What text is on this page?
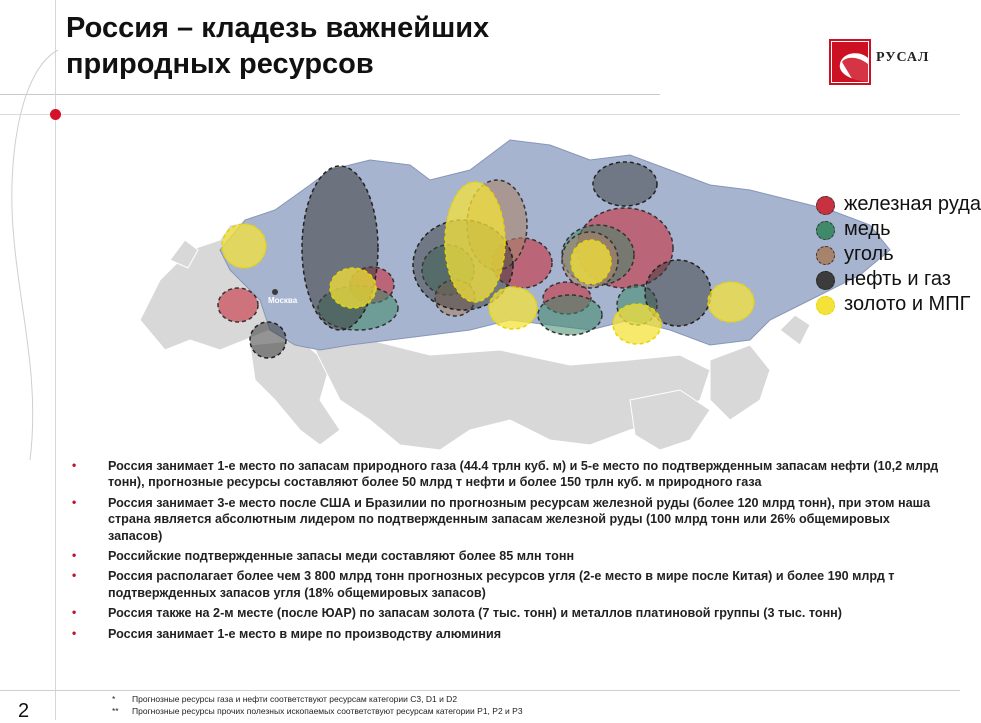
Россия – кладезь важнейших
природных ресурсов	РУСАЛ
Москва
железная руда
медь
уголь
нефть и газ
золото и МПГ
•	Россия занимает 1-е место по запасам природного газа (44.4 трлн куб. м) и 5-е место по подтвержденным запасам нефти (10,2 млрд тонн), прогнозные ресурсы составляют более 50 млрд т нефти и более 150 трлн куб. м природного газа
•	Россия занимает 3-е место после США и Бразилии по прогнозным ресурсам железной руды (более 120 млрд тонн), при этом наша страна является абсолютным лидером по подтвержденным запасам железной руды (100 млрд тонн или 26% общемировых запасов)
•	Российские подтвержденные запасы меди составляют более 85 млн тонн
•	Россия располагает более чем 3 800 млрд тонн прогнозных ресурсов угля (2-е место в мире после Китая) и более 190 млрд т подтвержденных запасов угля (18% общемировых запасов)
•	Россия также на 2-м месте (после ЮАР) по запасам золота (7 тыс. тонн) и металлов платиновой группы (3 тыс. тонн)
•	Россия занимает 1-е место в мире по производству алюминия
* Прогнозные ресурсы газа и нефти соответствуют ресурсам категории С3, D1 и D2
** Прогнозные ресурсы прочих полезных ископаемых соответствуют ресурсам категории Р1, Р2 и Р3
2
